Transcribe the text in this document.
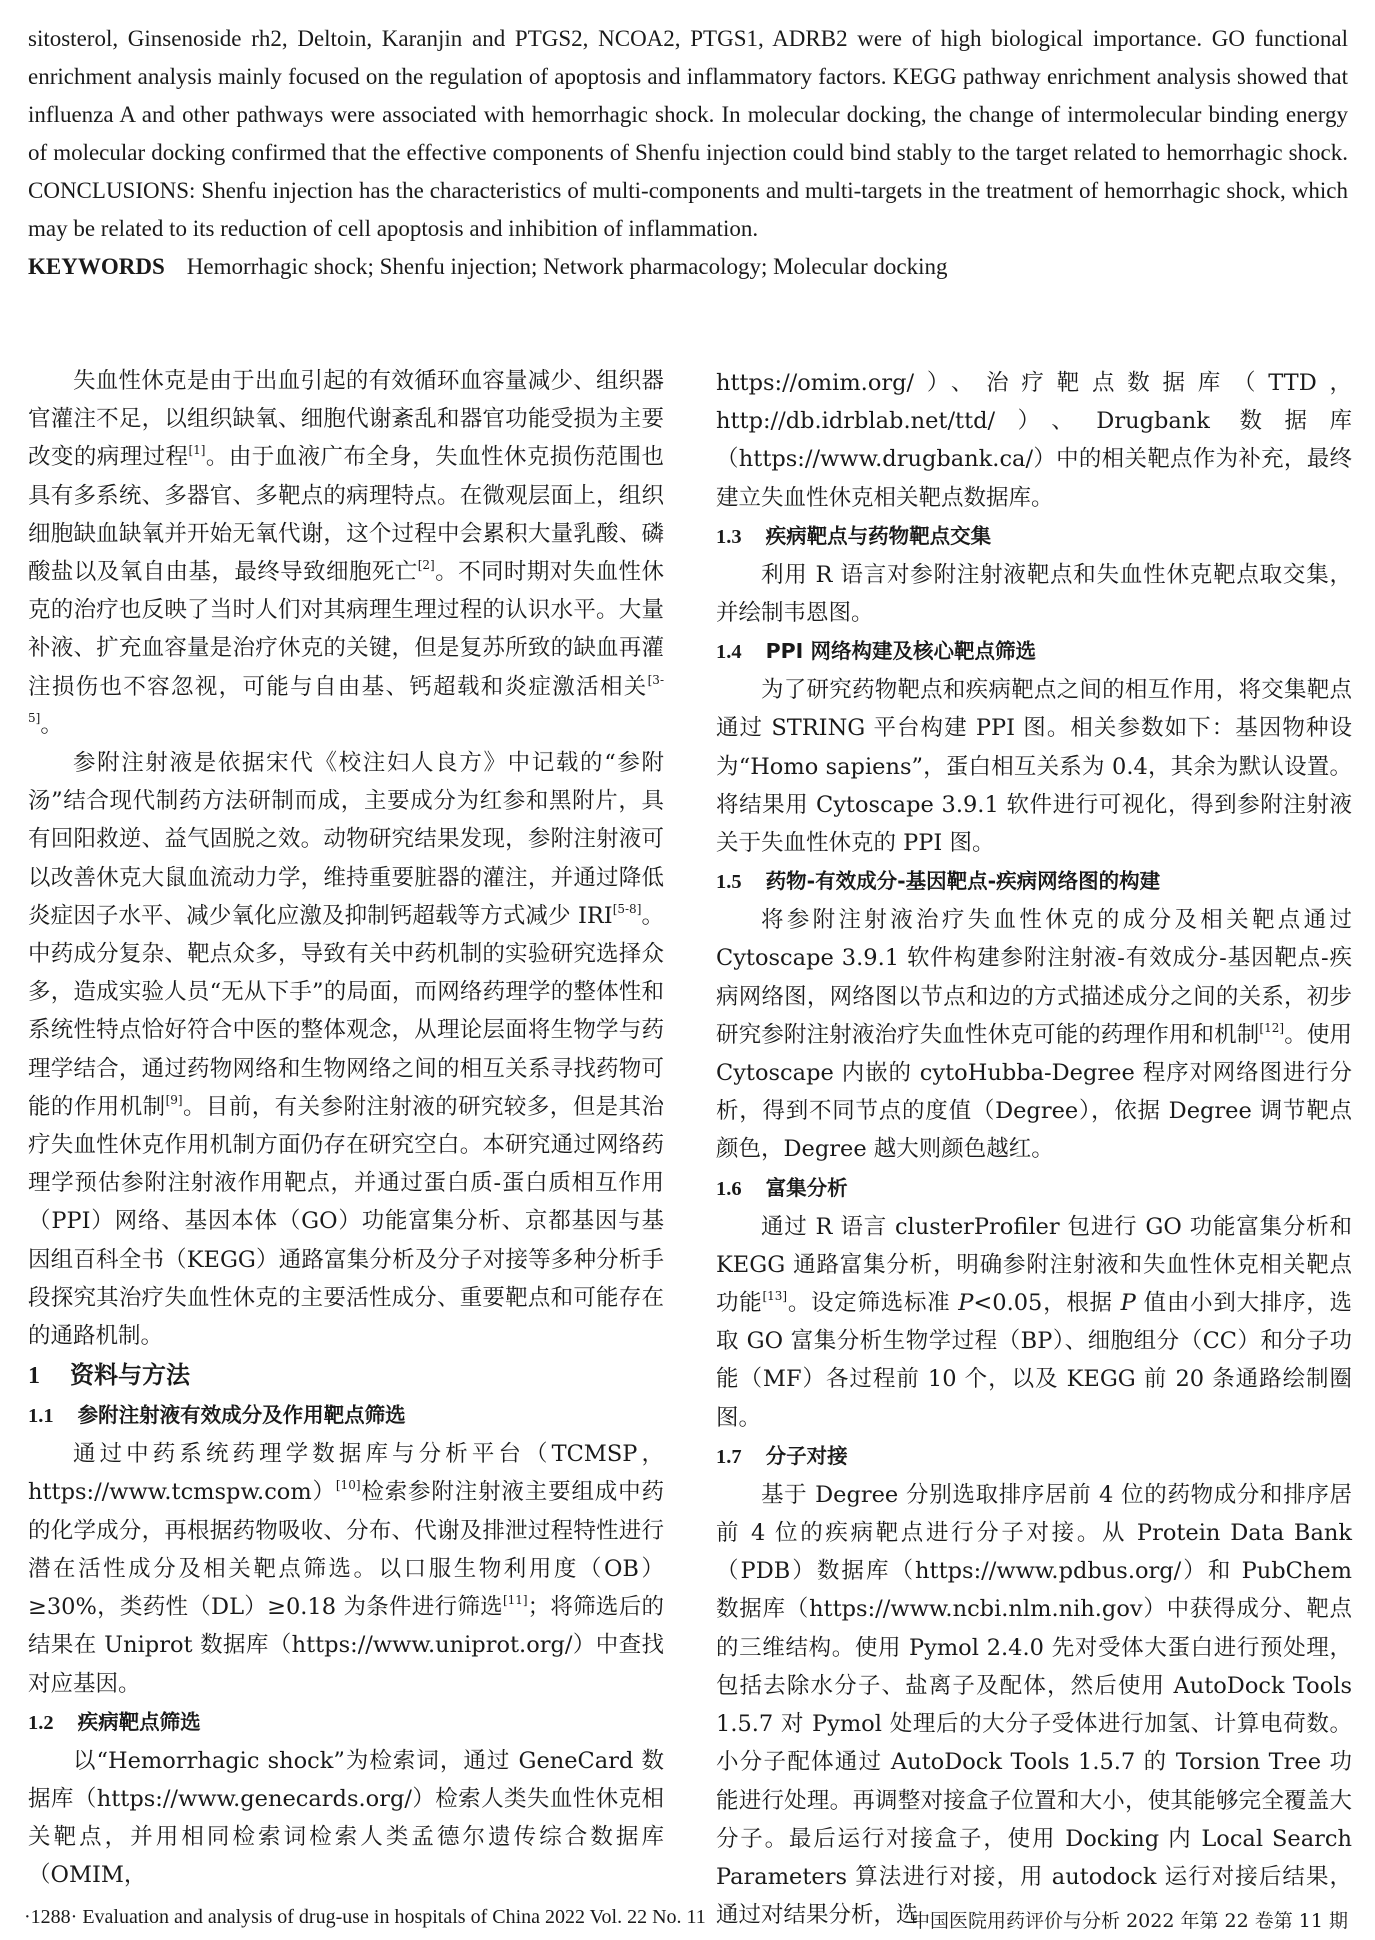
sitosterol, Ginsenoside rh2, Deltoin, Karanjin and PTGS2, NCOA2, PTGS1, ADRB2 were of high biological importance. GO functional enrichment analysis mainly focused on the regulation of apoptosis and inflammatory factors. KEGG pathway enrichment analysis showed that influenza A and other pathways were associated with hemorrhagic shock. In molecular docking, the change of intermolecular binding energy of molecular docking confirmed that the effective components of Shenfu injection could bind stably to the target related to hemorrhagic shock. CONCLUSIONS: Shenfu injection has the characteristics of multi-components and multi-targets in the treatment of hemorrhagic shock, which may be related to its reduction of cell apoptosis and inhibition of inflammation.

KEYWORDS Hemorrhagic shock; Shenfu injection; Network pharmacology; Molecular docking

失血性休克是由于出血引起的有效循环血容量减少、组织器官灌注不足，以组织缺氧、细胞代谢紊乱和器官功能受损为主要改变的病理过程[1]。由于血液广布全身，失血性休克损伤范围也具有多系统、多器官、多靶点的病理特点。在微观层面上，组织细胞缺血缺氧并开始无氧代谢，这个过程中会累积大量乳酸、磷酸盐以及氧自由基，最终导致细胞死亡[2]。不同时期对失血性休克的治疗也反映了当时人们对其病理生理过程的认识水平。大量补液、扩充血容量是治疗休克的关键，但是复苏所致的缺血再灌注损伤也不容忽视，可能与自由基、钙超载和炎症激活相关[3-5]。

参附注射液是依据宋代《校注妇人良方》中记载的“参附汤”结合现代制药方法研制而成，主要成分为红参和黑附片，具有回阳救逆、益气固脱之效。动物研究结果发现，参附注射液可以改善休克大鼠血流动力学，维持重要脏器的灌注，并通过降低炎症因子水平、减少氧化应激及抑制钙超载等方式减少 IRI[5-8]。中药成分复杂、靶点众多，导致有关中药机制的实验研究选择众多，造成实验人员“无从下手”的局面，而网络药理学的整体性和系统性特点恰好符合中医的整体观念，从理论层面将生物学与药理学结合，通过药物网络和生物网络之间的相互关系寻找药物可能的作用机制[9]。目前，有关参附注射液的研究较多，但是其治疗失血性休克作用机制方面仍存在研究空白。本研究通过网络药理学预估参附注射液作用靶点，并通过蛋白质-蛋白质相互作用（PPI）网络、基因本体（GO）功能富集分析、京都基因与基因组百科全书（KEGG）通路富集分析及分子对接等多种分析手段探究其治疗失血性休克的主要活性成分、重要靶点和可能存在的通路机制。

1 资料与方法
1.1 参附注射液有效成分及作用靶点筛选

通过中药系统药理学数据库与分析平台（TCMSP，https://www.tcmspw.com）[10]检索参附注射液主要组成中药的化学成分，再根据药物吸收、分布、代谢及排泄过程特性进行潜在活性成分及相关靶点筛选。以口服生物利用度（OB）≥30%，类药性（DL）≥0.18 为条件进行筛选[11]；将筛选后的结果在 Uniprot 数据库（https://www.uniprot.org/）中查找对应基因。

1.2 疾病靶点筛选

以“Hemorrhagic shock”为检索词，通过 GeneCard 数据库（https://www.genecards.org/）检索人类失血性休克相关靶点，并用相同检索词检索人类孟德尔遗传综合数据库（OMIM，

https://omim.org/）、治疗靶点数据库（TTD，http://db.idrblab.net/ttd/）、Drugbank 数据库（https://www.drugbank.ca/）中的相关靶点作为补充，最终建立失血性休克相关靶点数据库。

1.3 疾病靶点与药物靶点交集

利用 R 语言对参附注射液靶点和失血性休克靶点取交集，并绘制韦恩图。

1.4 PPI 网络构建及核心靶点筛选

为了研究药物靶点和疾病靶点之间的相互作用，将交集靶点通过 STRING 平台构建 PPI 图。相关参数如下：基因物种设为“Homo sapiens”，蛋白相互关系为 0.4，其余为默认设置。将结果用 Cytoscape 3.9.1 软件进行可视化，得到参附注射液关于失血性休克的 PPI 图。

1.5 药物-有效成分-基因靶点-疾病网络图的构建

将参附注射液治疗失血性休克的成分及相关靶点通过 Cytoscape 3.9.1 软件构建参附注射液-有效成分-基因靶点-疾病网络图，网络图以节点和边的方式描述成分之间的关系，初步研究参附注射液治疗失血性休克可能的药理作用和机制[12]。使用 Cytoscape 内嵌的 cytoHubba-Degree 程序对网络图进行分析，得到不同节点的度值（Degree），依据 Degree 调节靶点颜色，Degree 越大则颜色越红。

1.6 富集分析

通过 R 语言 clusterProfiler 包进行 GO 功能富集分析和 KEGG 通路富集分析，明确参附注射液和失血性休克相关靶点功能[13]。设定筛选标准 P<0.05，根据 P 值由小到大排序，选取 GO 富集分析生物学过程（BP）、细胞组分（CC）和分子功能（MF）各过程前 10 个，以及 KEGG 前 20 条通路绘制圈图。

1.7 分子对接

基于 Degree 分别选取排序居前 4 位的药物成分和排序居前 4 位的疾病靶点进行分子对接。从 Protein Data Bank（PDB）数据库（https://www.pdbus.org/）和 PubChem 数据库（https://www.ncbi.nlm.nih.gov）中获得成分、靶点的三维结构。使用 Pymol 2.4.0 先对受体大蛋白进行预处理，包括去除水分子、盐离子及配体，然后使用 AutoDock Tools 1.5.7 对 Pymol 处理后的大分子受体进行加氢、计算电荷数。小分子配体通过 AutoDock Tools 1.5.7 的 Torsion Tree 功能进行处理。再调整对接盒子位置和大小，使其能够完全覆盖大分子。最后运行对接盒子，使用 Docking 内 Local Search Parameters 算法进行对接，用 autodock 运行对接后结果，通过对结果分析，选

·1288· Evaluation and analysis of drug-use in hospitals of China 2022 Vol. 22 No. 11	中国医院用药评价与分析 2022 年第 22 卷第 11 期
